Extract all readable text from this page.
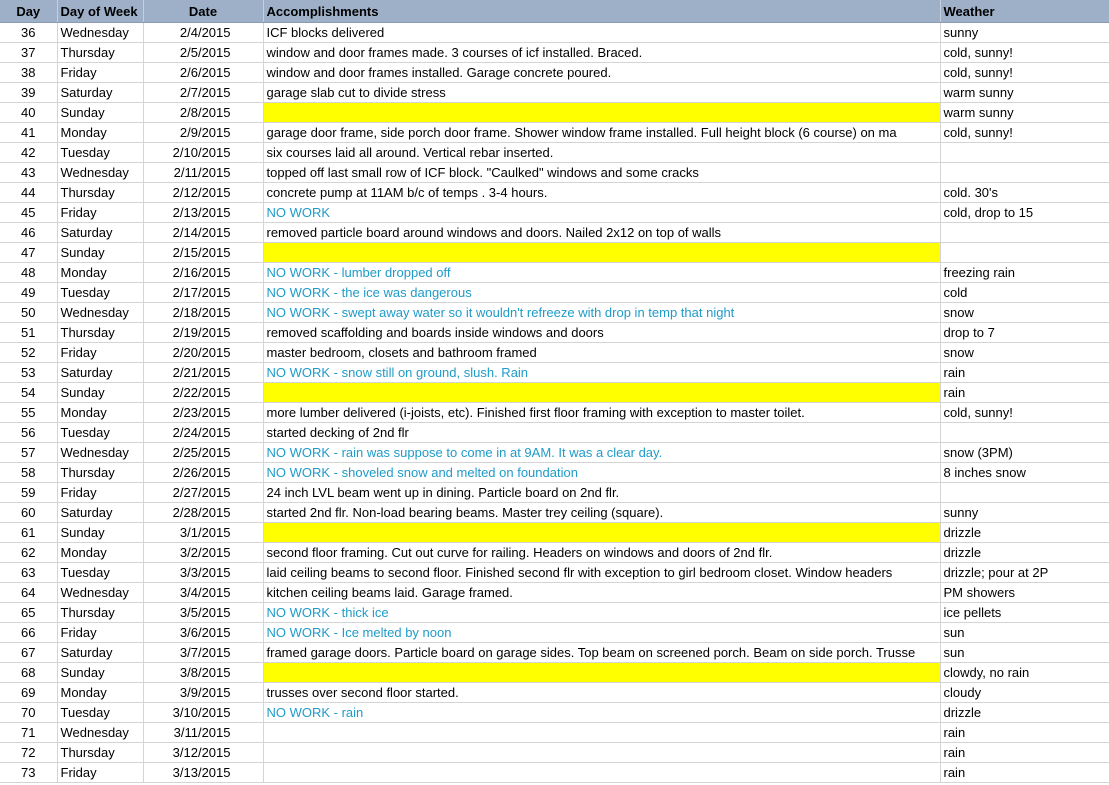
Day	Day of Week	Date	Accomplishments	Weather
36	Wednesday	2/4/2015	ICF blocks delivered	sunny
37	Thursday	2/5/2015	window and door frames made. 3 courses of icf installed. Braced.	cold, sunny!
38	Friday	2/6/2015	window and door frames installed. Garage concrete poured.	cold, sunny!
39	Saturday	2/7/2015	garage slab cut to divide stress	warm sunny
40	Sunday	2/8/2015		warm sunny
41	Monday	2/9/2015	garage door frame, side porch door frame. Shower window frame installed. Full height block (6 course) on ma	cold, sunny!
42	Tuesday	2/10/2015	six courses laid all around. Vertical rebar inserted.	
43	Wednesday	2/11/2015	topped off last small row of ICF block. "Caulked" windows and some cracks	
44	Thursday	2/12/2015	concrete pump at 11AM b/c of temps . 3-4 hours.	cold. 30's
45	Friday	2/13/2015	NO WORK	cold, drop to 15
46	Saturday	2/14/2015	removed particle board around windows and doors. Nailed 2x12 on top of walls	
47	Sunday	2/15/2015		
48	Monday	2/16/2015	NO WORK - lumber dropped off	freezing rain
49	Tuesday	2/17/2015	NO WORK - the ice was dangerous	cold
50	Wednesday	2/18/2015	NO WORK - swept away water so it wouldn't refreeze with drop in temp that night	snow
51	Thursday	2/19/2015	removed scaffolding and boards inside windows and doors	drop to 7
52	Friday	2/20/2015	master bedroom, closets and bathroom framed	snow
53	Saturday	2/21/2015	NO WORK - snow still on ground, slush. Rain	rain
54	Sunday	2/22/2015		rain
55	Monday	2/23/2015	more lumber delivered (i-joists, etc). Finished first floor framing with exception to master toilet.	cold, sunny!
56	Tuesday	2/24/2015	started decking of 2nd flr	
57	Wednesday	2/25/2015	NO WORK - rain was suppose to come in at 9AM. It was a clear day.	snow (3PM)
58	Thursday	2/26/2015	NO WORK - shoveled snow and melted on foundation	8 inches snow
59	Friday	2/27/2015	24 inch LVL beam went up in dining. Particle board on 2nd flr.	
60	Saturday	2/28/2015	started 2nd flr. Non-load bearing beams. Master trey ceiling (square).	sunny
61	Sunday	3/1/2015		drizzle
62	Monday	3/2/2015	second floor framing. Cut out curve for railing. Headers on windows and doors of 2nd flr.	drizzle
63	Tuesday	3/3/2015	laid ceiling beams to second floor. Finished second flr with exception to girl bedroom closet. Window headers	drizzle; pour at 2P
64	Wednesday	3/4/2015	kitchen ceiling beams laid. Garage framed.	PM showers
65	Thursday	3/5/2015	NO WORK - thick ice	ice pellets
66	Friday	3/6/2015	NO WORK - Ice melted by noon	sun
67	Saturday	3/7/2015	framed garage doors. Particle board on garage sides. Top beam on screened porch. Beam on side porch. Trusse	sun
68	Sunday	3/8/2015		clowdy, no rain
69	Monday	3/9/2015	trusses over second floor started.	cloudy
70	Tuesday	3/10/2015	NO WORK - rain	drizzle
71	Wednesday	3/11/2015		rain
72	Thursday	3/12/2015		rain
73	Friday	3/13/2015		rain
